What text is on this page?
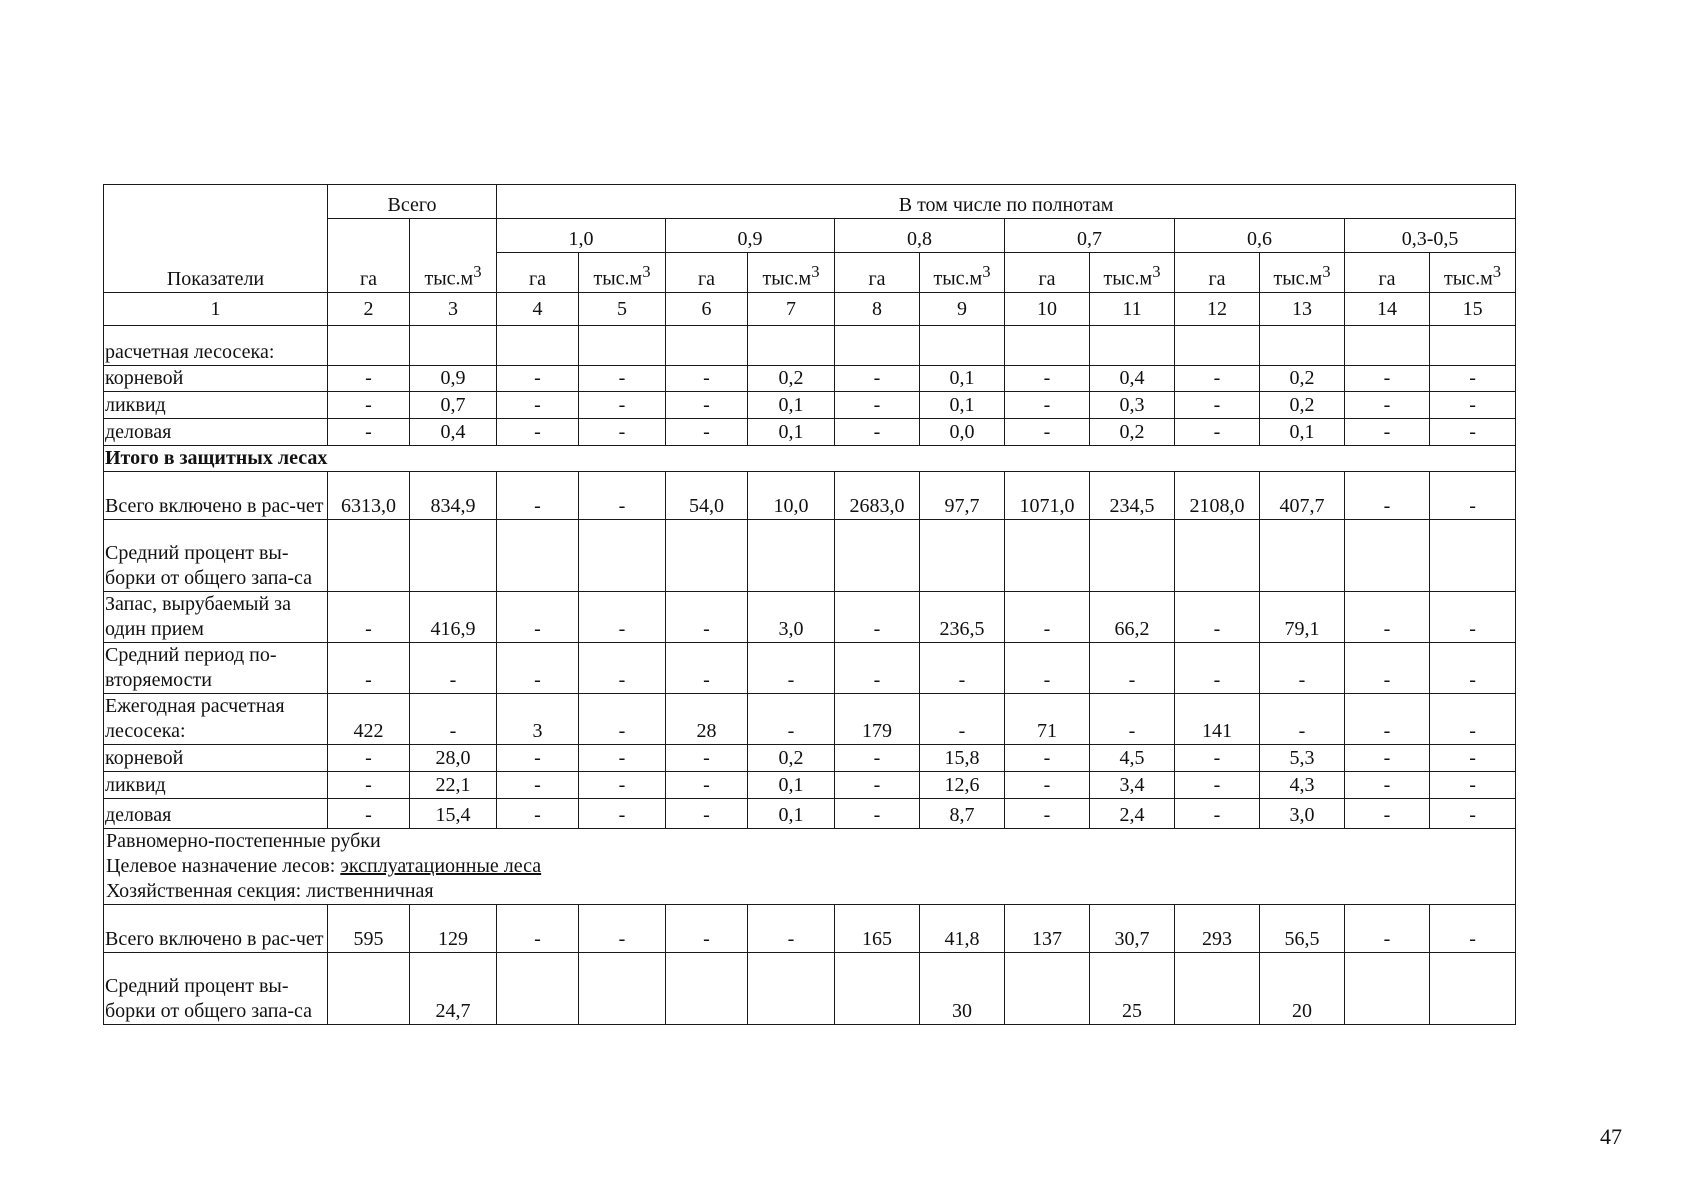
Показатели	Всего		В том числе по полнотам											
	га	$тыс.м^3$	1,0		0,9		0,8		0,7		0,6		0,3-0,5	
			га	$тыс.м^3$	га	$тыс.м^3$	га	$тыс.м^3$	га	$тыс.м^3$	га	$тыс.м^3$	га	$тыс.м^3$
1	2	3	4	5	6	7	8	9	10	11	12	13	14	15
расчетная лесосека:														
корневой	-	0,9	-	-	-	0,2	-	0,1	-	0,4	-	0,2	-	-
ликвид	-	0,7	-	-	-	0,1	-	0,1	-	0,3	-	0,2	-	-
деловая	-	0,4	-	-	-	0,1	-	0,0	-	0,2	-	0,1	-	-
Итого в защитных лесах														
Всего включено в рас-чет	6313,0	834,9	-	-	54,0	10,0	2683,0	97,7	1071,0	234,5	2108,0	407,7	-	-
Средний процент вы-борки от общего запа-са														
Запас, вырубаемый за один прием	-	416,9	-	-	-	3,0	-	236,5	-	66,2	-	79,1	-	-
Средний период по-вторяемости	-	-	-	-	-	-	-	-	-	-	-	-	-	-
Ежегодная расчетная лесосека:	422	-	3	-	28	-	179	-	71	-	141	-	-	-
корневой	-	28,0	-	-	-	0,2	-	15,8	-	4,5	-	5,3	-	-
ликвид	-	22,1	-	-	-	0,1	-	12,6	-	3,4	-	4,3	-	-
деловая	-	15,4	-	-	-	0,1	-	8,7	-	2,4	-	3,0	-	-

Равномерно-постепенные рубки
Целевое назначение лесов: эксплуатационные леса
Хозяйственная секция: лиственничная														

Всего включено в рас-чет	595	129	-	-	-	-	165	41,8	137	30,7	293	56,5	-	-
Средний процент вы-борки от общего запа-са		24,7						30		25		20		
47
